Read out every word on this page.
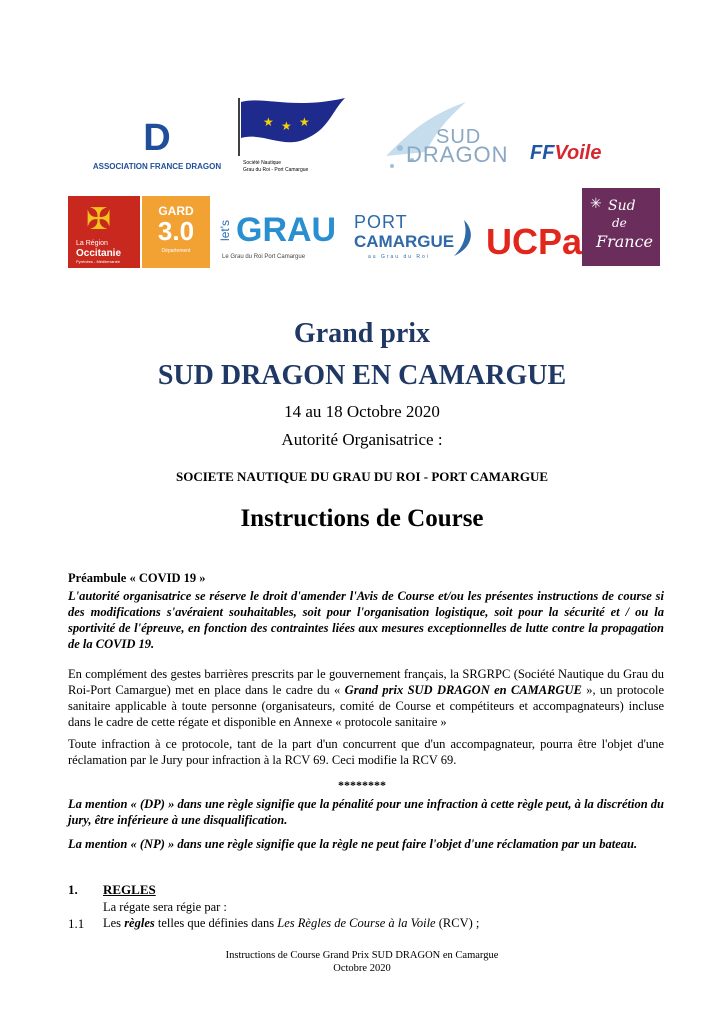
D
ASSOCIATION FRANCE DRAGON
★ ★ ★
Société Nautique
Grau du Roi - Port Camargue
SUD
DRAGON FFVoile
✠
La Région
Occitanie
Pyrénées - Méditerranée
GARD
3.0
Département
let's GRAU
Le Grau du Roi Port Camargue
PORT
CAMARGUE
au Grau du Roi UCPa
✳ Sud
de
France
Grand prix
SUD DRAGON EN CAMARGUE
14 au 18 Octobre 2020
Autorité Organisatrice :
SOCIETE NAUTIQUE DU GRAU DU ROI - PORT CAMARGUE
Instructions de Course
Préambule « COVID 19 »
L'autorité organisatrice se réserve le droit d'amender l'Avis de Course et/ou les présentes instructions de course si des modifications s'avéraient souhaitables, soit pour l'organisation logistique, soit pour la sécurité et / ou la sportivité de l'épreuve, en fonction des contraintes liées aux mesures exceptionnelles de lutte contre la propagation de la COVID 19.
En complément des gestes barrières prescrits par le gouvernement français, la SRGRPC (Société Nautique du Grau du Roi-Port Camargue) met en place dans le cadre du « Grand prix SUD DRAGON en CAMARGUE », un protocole sanitaire applicable à toute personne (organisateurs, comité de Course et compétiteurs et accompagnateurs) incluse dans le cadre de cette régate et disponible en Annexe « protocole sanitaire »
Toute infraction à ce protocole, tant de la part d'un concurrent que d'un accompagnateur, pourra être l'objet d'une réclamation par le Jury pour infraction à la RCV 69. Ceci modifie la RCV 69.
********
La mention « (DP) » dans une règle signifie que la pénalité pour une infraction à cette règle peut, à la discrétion du jury, être inférieure à une disqualification.
La mention « (NP) » dans une règle signifie que la règle ne peut faire l'objet d'une réclamation par un bateau.
1. REGLES
La régate sera régie par :
1.1 Les règles telles que définies dans Les Règles de Course à la Voile (RCV) ;
Instructions de Course Grand Prix SUD DRAGON en Camargue
Octobre 2020
